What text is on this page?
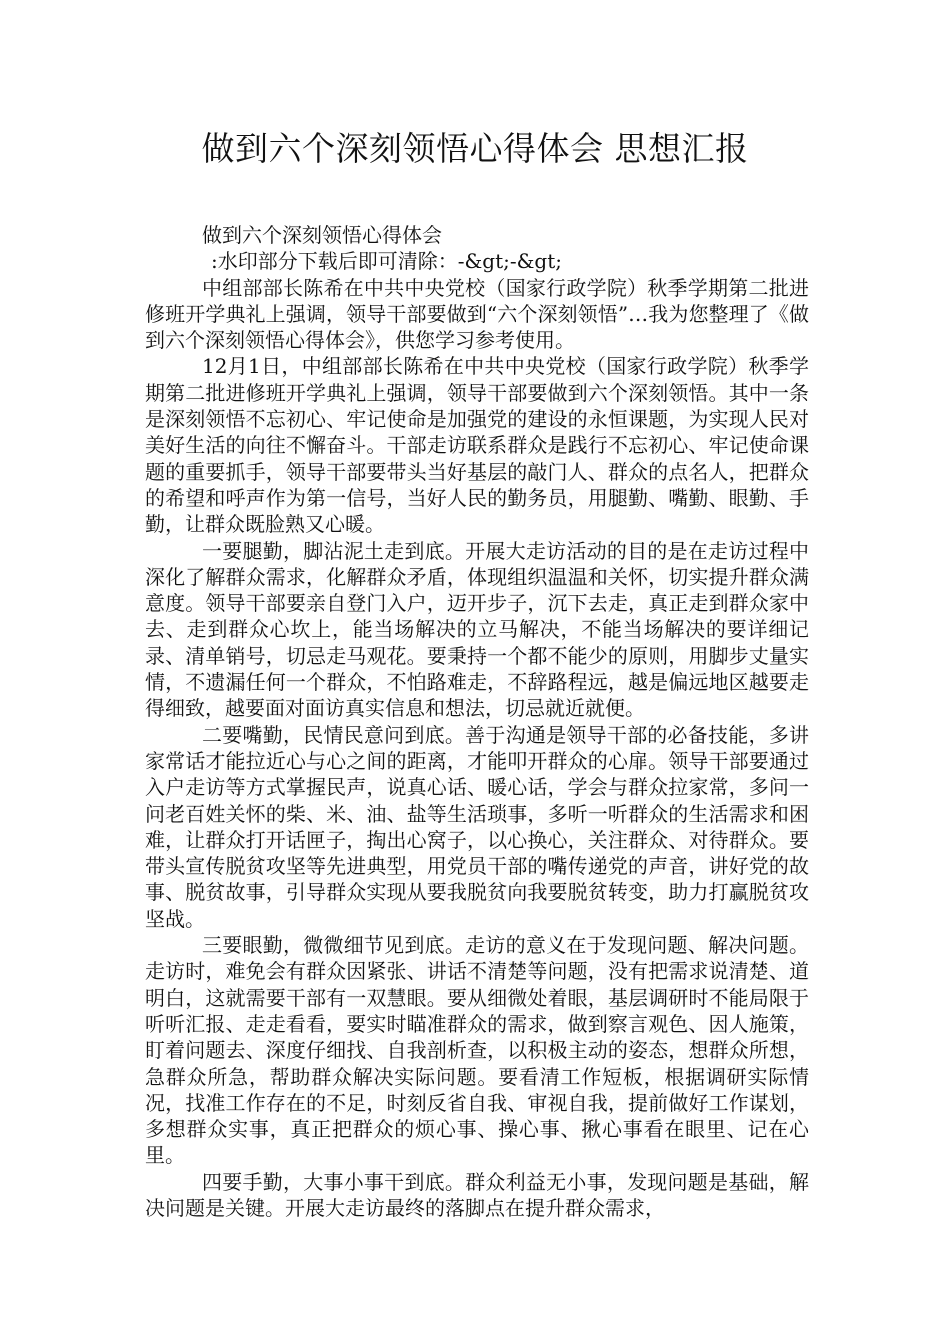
做到六个深刻领悟心得体会 思想汇报

做到六个深刻领悟心得体会

:水印部分下载后即可清除：-&gt;-&gt;

中组部部长陈希在中共中央党校（国家行政学院）秋季学期第二批进修班开学典礼上强调，领导干部要做到“六个深刻领悟”…我为您整理了《做到六个深刻领悟心得体会》，供您学习参考使用。

12月1日，中组部部长陈希在中共中央党校（国家行政学院）秋季学期第二批进修班开学典礼上强调，领导干部要做到六个深刻领悟。其中一条是深刻领悟不忘初心、牢记使命是加强党的建设的永恒课题，为实现人民对美好生活的向往不懈奋斗。干部走访联系群众是践行不忘初心、牢记使命课题的重要抓手，领导干部要带头当好基层的敲门人、群众的点名人，把群众的希望和呼声作为第一信号，当好人民的勤务员，用腿勤、嘴勤、眼勤、手勤，让群众既脸熟又心暖。

一要腿勤，脚沾泥土走到底。开展大走访活动的目的是在走访过程中深化了解群众需求，化解群众矛盾，体现组织温温和关怀，切实提升群众满意度。领导干部要亲自登门入户，迈开步子，沉下去走，真正走到群众家中去、走到群众心坎上，能当场解决的立马解决，不能当场解决的要详细记录、清单销号，切忌走马观花。要秉持一个都不能少的原则，用脚步丈量实情，不遗漏任何一个群众，不怕路难走，不辞路程远，越是偏远地区越要走得细致，越要面对面访真实信息和想法，切忌就近就便。

二要嘴勤，民情民意问到底。善于沟通是领导干部的必备技能，多讲家常话才能拉近心与心之间的距离，才能叩开群众的心扉。领导干部要通过入户走访等方式掌握民声，说真心话、暖心话，学会与群众拉家常，多问一问老百姓关怀的柴、米、油、盐等生活琐事，多听一听群众的生活需求和困难，让群众打开话匣子，掏出心窝子，以心换心，关注群众、对待群众。要带头宣传脱贫攻坚等先进典型，用党员干部的嘴传递党的声音，讲好党的故事、脱贫故事，引导群众实现从要我脱贫向我要脱贫转变，助力打赢脱贫攻坚战。

三要眼勤，微微细节见到底。走访的意义在于发现问题、解决问题。走访时，难免会有群众因紧张、讲话不清楚等问题，没有把需求说清楚、道明白，这就需要干部有一双慧眼。要从细微处着眼，基层调研时不能局限于听听汇报、走走看看，要实时瞄准群众的需求，做到察言观色、因人施策，盯着问题去、深度仔细找、自我剖析查，以积极主动的姿态，想群众所想，急群众所急，帮助群众解决实际问题。要看清工作短板，根据调研实际情况，找准工作存在的不足，时刻反省自我、审视自我，提前做好工作谋划，多想群众实事，真正把群众的烦心事、操心事、揪心事看在眼里、记在心里。

四要手勤，大事小事干到底。群众利益无小事，发现问题是基础，解决问题是关键。开展大走访最终的落脚点在提升群众需求，
